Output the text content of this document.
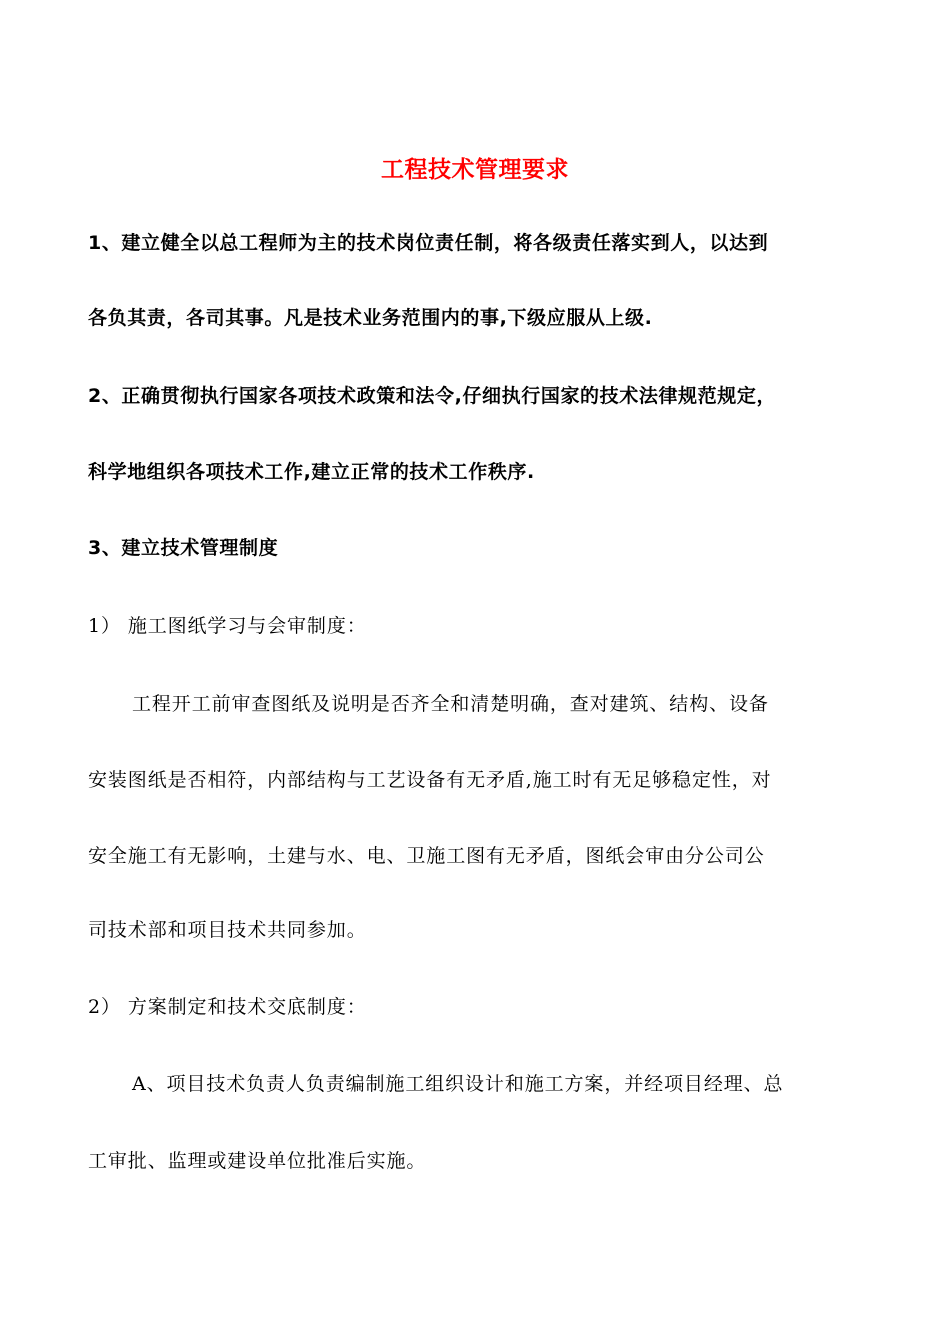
工程技术管理要求

1、建立健全以总工程师为主的技术岗位责任制，将各级责任落实到人，以达到

各负其责，各司其事。凡是技术业务范围内的事,下级应服从上级.

2、正确贯彻执行国家各项技术政策和法令,仔细执行国家的技术法律规范规定，

科学地组织各项技术工作,建立正常的技术工作秩序.

3、建立技术管理制度

1） 施工图纸学习与会审制度：

工程开工前审查图纸及说明是否齐全和清楚明确，查对建筑、结构、设备

安装图纸是否相符，内部结构与工艺设备有无矛盾,施工时有无足够稳定性，对

安全施工有无影响，土建与水、电、卫施工图有无矛盾，图纸会审由分公司公

司技术部和项目技术共同参加。

2） 方案制定和技术交底制度：

A、项目技术负责人负责编制施工组织设计和施工方案，并经项目经理、总

工审批、监理或建设单位批准后实施。
